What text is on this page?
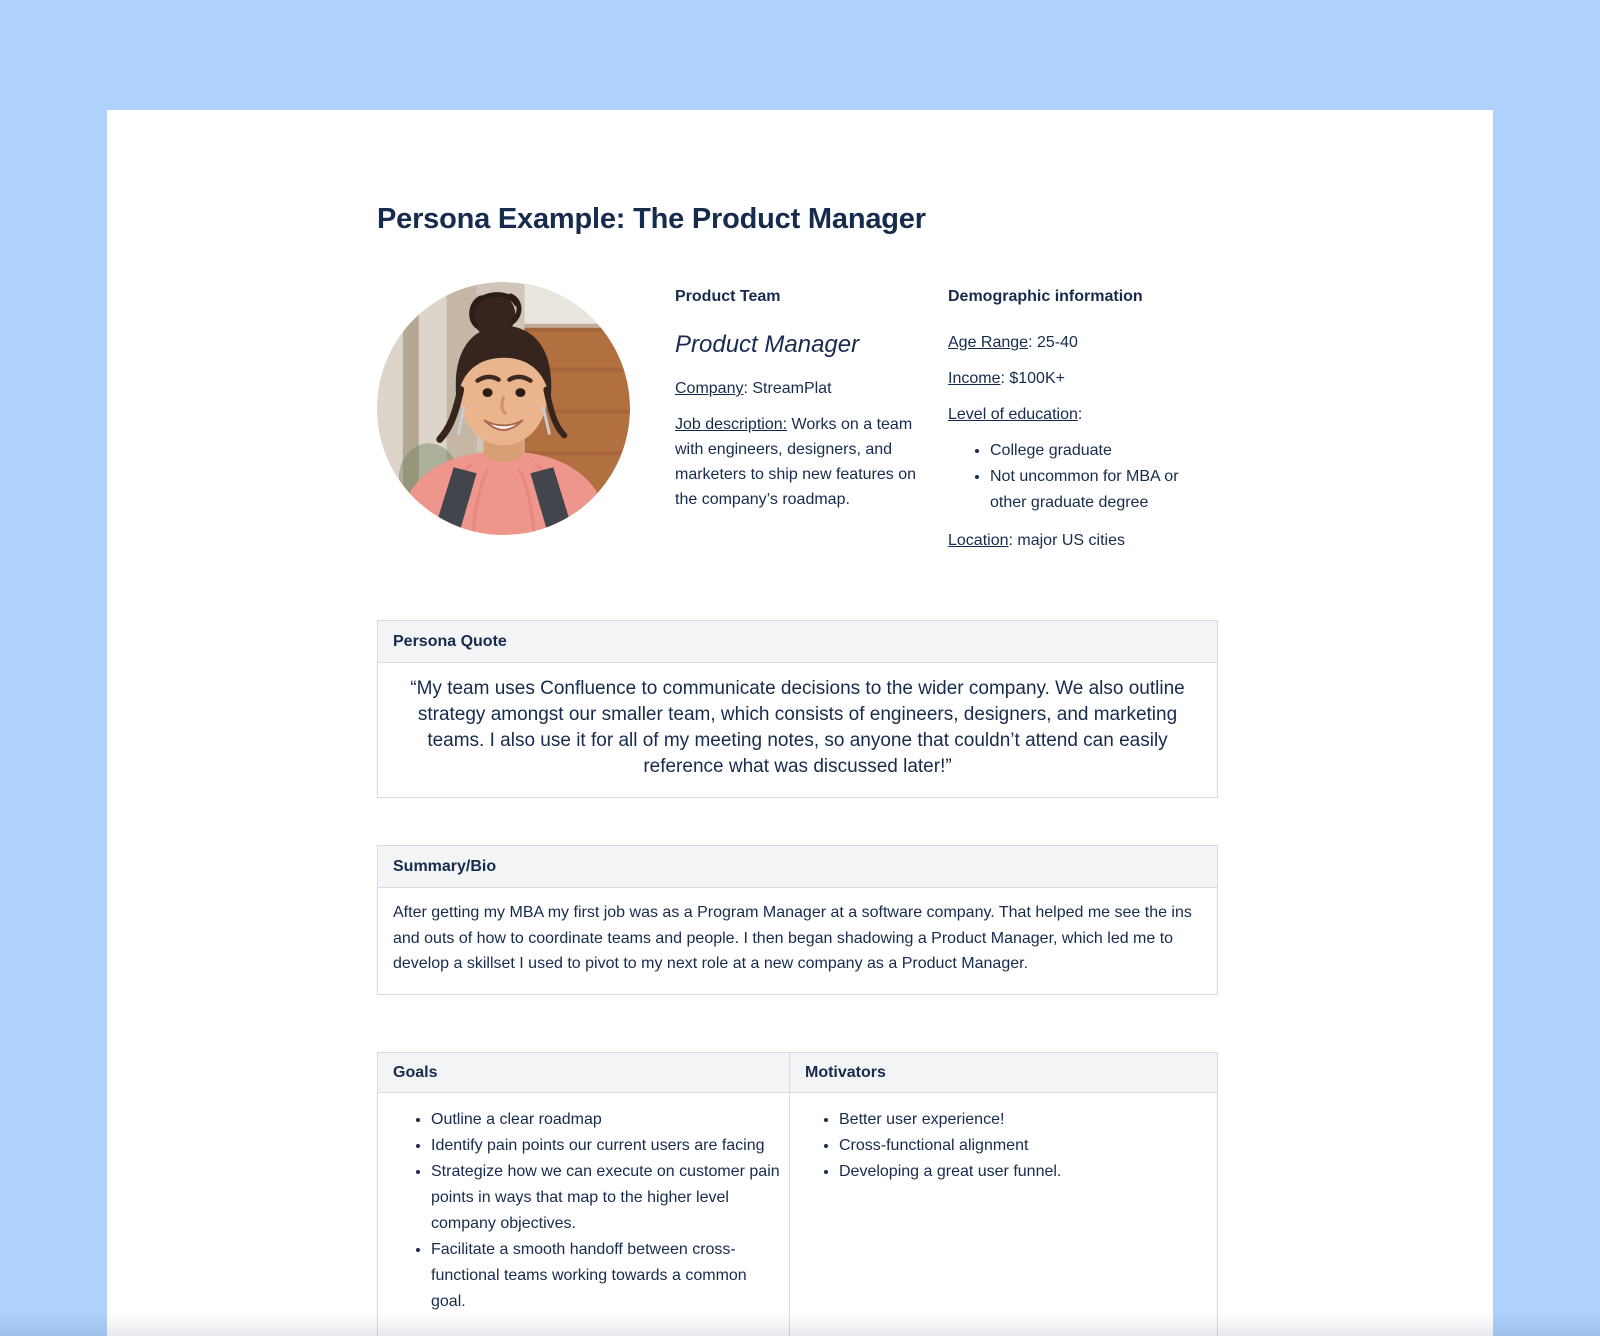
Persona Example: The Product Manager
Product Team
Product Manager

Company: StreamPlat

Job description: Works on a team with engineers, designers, and marketers to ship new features on the company’s roadmap.

Demographic information

Age Range: 25-40

Income: $100K+

Level of education:

• College graduate
• Not uncommon for MBA or other graduate degree

Location: major US cities

Persona Quote
“My team uses Confluence to communicate decisions to the wider company. We also outline strategy amongst our smaller team, which consists of engineers, designers, and marketing teams. I also use it for all of my meeting notes, so anyone that couldn’t attend can easily reference what was discussed later!”
Summary/Bio
After getting my MBA my first job was as a Program Manager at a software company. That helped me see the ins and outs of how to coordinate teams and people. I then began shadowing a Product Manager, which led me to develop a skillset I used to pivot to my next role at a new company as a Product Manager.
Goals	Motivators
• Outline a clear roadmap
• Identify pain points our current users are facing
• Strategize how we can execute on customer pain points in ways that map to the higher level company objectives.
• Facilitate a smooth handoff between cross-functional teams working towards a common goal.
• Better user experience!
• Cross-functional alignment
• Developing a great user funnel.
